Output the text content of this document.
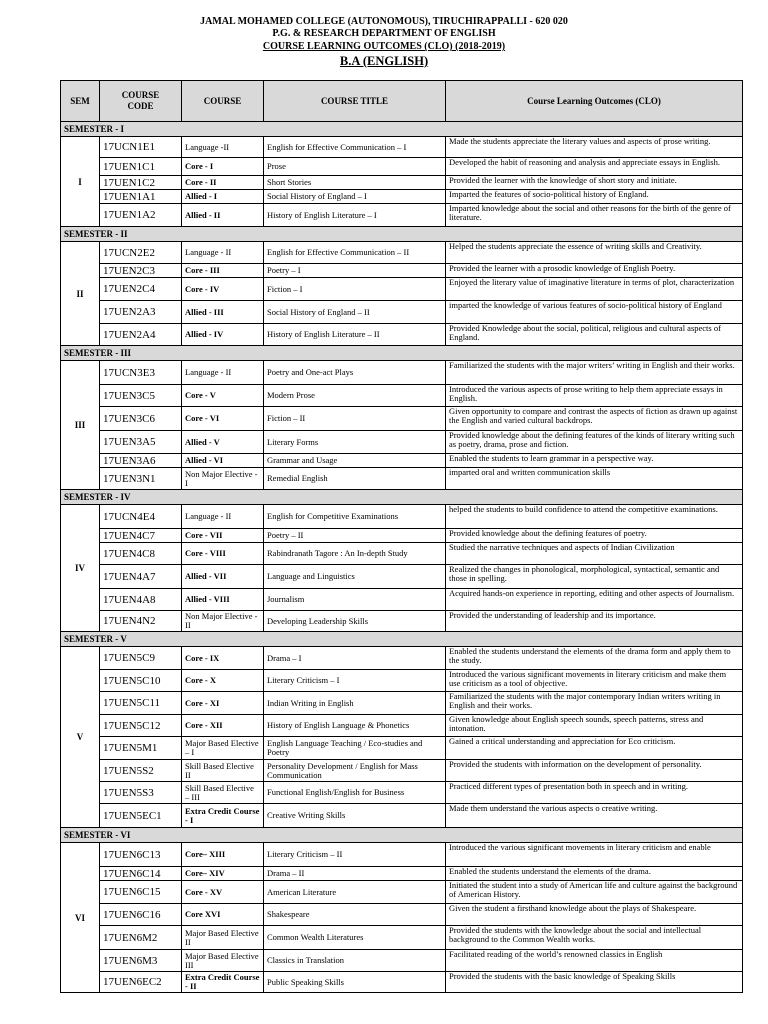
JAMAL MOHAMED COLLEGE (AUTONOMOUS), TIRUCHIRAPPALLI - 620 020
P.G. & RESEARCH DEPARTMENT OF ENGLISH
COURSE LEARNING OUTCOMES (CLO) (2018-2019)
B.A (ENGLISH)
SEM	COURSE CODE	COURSE	COURSE TITLE	Course Learning Outcomes (CLO)
SEMESTER - I				
I	17UCN1E1	Language -II	English for Effective Communication – I	Made the students appreciate the literary values and aspects of prose writing.
	17UEN1C1	Core - I	Prose	Developed the habit of reasoning and analysis and appreciate essays in English.
	17UEN1C2	Core - II	Short Stories	Provided the learner with the knowledge of short story and initiate.
	17UEN1A1	Allied - I	Social History of England – I	Imparted the features of socio-political history of England.
	17UEN1A2	Allied - II	History of English Literature – I	Imparted knowledge about the social and other reasons for the birth of the genre of literature.
SEMESTER - II				
II	17UCN2E2	Language - II	English for Effective Communication – II	Helped the students appreciate the essence of writing skills and Creativity.
	17UEN2C3	Core - III	Poetry – I	Provided the learner with a prosodic knowledge of English Poetry.
	17UEN2C4	Core - IV	Fiction – I	Enjoyed the literary value of imaginative literature in terms of plot, characterization
	17UEN2A3	Allied - III	Social History of England – II	imparted the knowledge of various features of socio-political history of England
	17UEN2A4	Allied - IV	History of English Literature – II	Provided Knowledge about the social, political, religious and cultural aspects of England.
SEMESTER - III				
III	17UCN3E3	Language - II	Poetry and One-act Plays	Familiarized the students with the major writers’ writing in English and their works.
	17UEN3C5	Core - V	Modern Prose	Introduced the various aspects of prose writing to help them appreciate essays in English.
	17UEN3C6	Core - VI	Fiction – II	Given opportunity to compare and contrast the aspects of fiction as drawn up against the English and varied cultural backdrops.
	17UEN3A5	Allied - V	Literary Forms	Provided knowledge about the defining features of the kinds of literary writing such as poetry, drama, prose and fiction.
	17UEN3A6	Allied - VI	Grammar and Usage	Enabled the students to learn grammar in a perspective way.
	17UEN3N1	Non Major Elective - I	Remedial English	imparted oral and written communication skills
SEMESTER - IV				
IV	17UCN4E4	Language - II	English for Competitive Examinations	helped the students to build confidence to attend the competitive examinations.
	17UEN4C7	Core - VII	Poetry – II	Provided knowledge about the defining features of poetry.
	17UEN4C8	Core - VIII	Rabindranath Tagore : An In-depth Study	Studied the narrative techniques and aspects of Indian Civilization
	17UEN4A7	Allied - VII	Language and Linguistics	Realized the changes in phonological, morphological, syntactical, semantic and those in spelling.
	17UEN4A8	Allied - VIII	Journalism	Acquired hands-on experience in reporting, editing and other aspects of Journalism.
	17UEN4N2	Non Major Elective - II	Developing Leadership Skills	Provided the understanding of leadership and its importance.
SEMESTER - V				
V	17UEN5C9	Core - IX	Drama – I	Enabled the students understand the elements of the drama form and apply them to the study.
	17UEN5C10	Core - X	Literary Criticism – I	Introduced the various significant movements in literary criticism and make them use criticism as a tool of objective.
	17UEN5C11	Core - XI	Indian Writing in English	Familiarized the students with the major contemporary Indian writers writing in English and their works.
	17UEN5C12	Core - XII	History of English Language & Phonetics	Given knowledge about English speech sounds, speech patterns, stress and intonation.
	17UEN5M1	Major Based Elective – I	English Language Teaching / Eco-studies and Poetry	Gained a critical understanding and appreciation for Eco criticism.
	17UEN5S2	Skill Based Elective II	Personality Development / English for Mass Communication	Provided the students with information on the development of personality.
	17UEN5S3	Skill Based Elective – III	Functional English/English for Business	Practiced different types of presentation both in speech and in writing.
	17UEN5EC1	Extra Credit Course - I	Creative Writing Skills	Made them understand the various aspects o creative writing.
SEMESTER - VI				
VI	17UEN6C13	Core– XIII	Literary Criticism – II	Introduced the various significant movements in literary criticism and enable
	17UEN6C14	Core– XIV	Drama – II	Enabled the students understand the elements of the drama.
	17UEN6C15	Core - XV	American Literature	Initiated the student into a study of American life and culture against the background of American History.
	17UEN6C16	Core XVI	Shakespeare	Given the student a firsthand knowledge about the plays of Shakespeare.
	17UEN6M2	Major Based Elective II	Common Wealth Literatures	Provided the students with the knowledge about the social and intellectual background to the Common Wealth works.
	17UEN6M3	Major Based Elective III	Classics in Translation	Facilitated reading of the world’s renowned classics in English
	17UEN6EC2	Extra Credit Course - II	Public Speaking Skills	Provided the students with the basic knowledge of Speaking Skills
